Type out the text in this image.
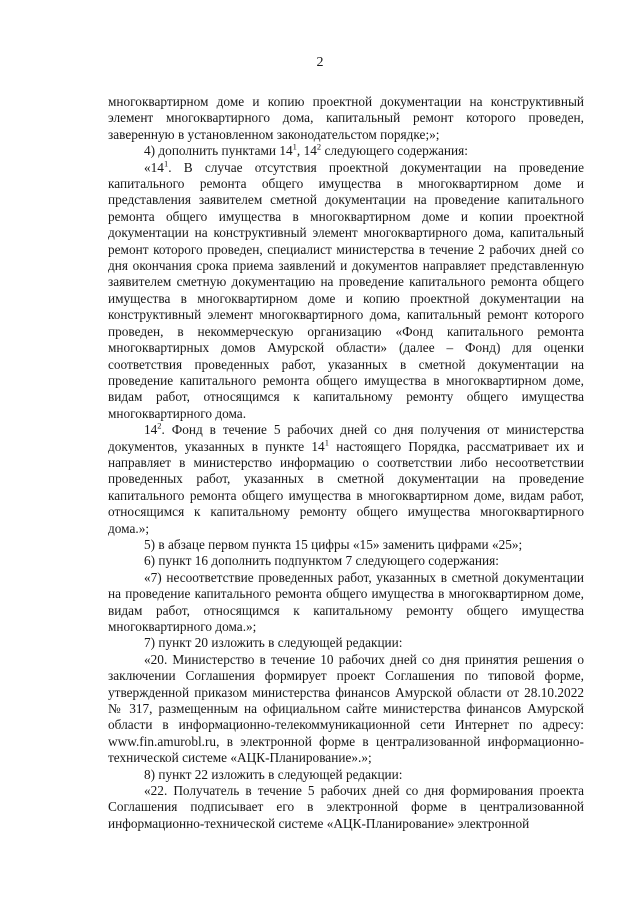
2

многоквартирном доме и копию проектной документации на конструктивный элемент многоквартирного дома, капитальный ремонт которого проведен, заверенную в установленном законодательстом порядке;»;

4) дополнить пунктами $14^1$, $14^2$ следующего содержания:

«$14^1$. В случае отсутствия проектной документации на проведение капитального ремонта общего имущества в многоквартирном доме и представления заявителем сметной документации на проведение капитального ремонта общего имущества в многоквартирном доме и копии проектной документации на конструктивный элемент многоквартирного дома, капитальный ремонт которого проведен, специалист министерства в течение 2 рабочих дней со дня окончания срока приема заявлений и документов направляет представленную заявителем сметную документацию на проведение капитального ремонта общего имущества в многоквартирном доме и копию проектной документации на конструктивный элемент многоквартирного дома, капитальный ремонт которого проведен, в некоммерческую организацию «Фонд капитального ремонта многоквартирных домов Амурской области» (далее – Фонд) для оценки соответствия проведенных работ, указанных в сметной документации на проведение капитального ремонта общего имущества в многоквартирном доме, видам работ, относящимся к капитальному ремонту общего имущества многоквартирного дома.

$14^2$. Фонд в течение 5 рабочих дней со дня получения от министерства документов, указанных в пункте $14^1$ настоящего Порядка, рассматривает их и направляет в министерство информацию о соответствии либо несоответствии проведенных работ, указанных в сметной документации на проведение капитального ремонта общего имущества в многоквартирном доме, видам работ, относящимся к капитальному ремонту общего имущества многоквартирного дома.»;

5) в абзаце первом пункта 15 цифры «15» заменить цифрами «25»;

6) пункт 16 дополнить подпунктом 7 следующего содержания:

«7) несоответствие проведенных работ, указанных в сметной документации на проведение капитального ремонта общего имущества в многоквартирном доме, видам работ, относящимся к капитальному ремонту общего имущества многоквартирного дома.»;

7) пункт 20 изложить в следующей редакции:

«20. Министерство в течение 10 рабочих дней со дня принятия решения о заключении Соглашения формирует проект Соглашения по типовой форме, утвержденной приказом министерства финансов Амурской области от 28.10.2022 № 317, размещенным на официальном сайте министерства финансов Амурской области в информационно-телекоммуникационной сети Интернет по адресу: www.fin.amurobl.ru, в электронной форме в централизованной информационно-технической системе «АЦК-Планирование».»;

8) пункт 22 изложить в следующей редакции:

«22. Получатель в течение 5 рабочих дней со дня формирования проекта Соглашения подписывает его в электронной форме в централизованной информационно-технической системе «АЦК-Планирование» электронной
